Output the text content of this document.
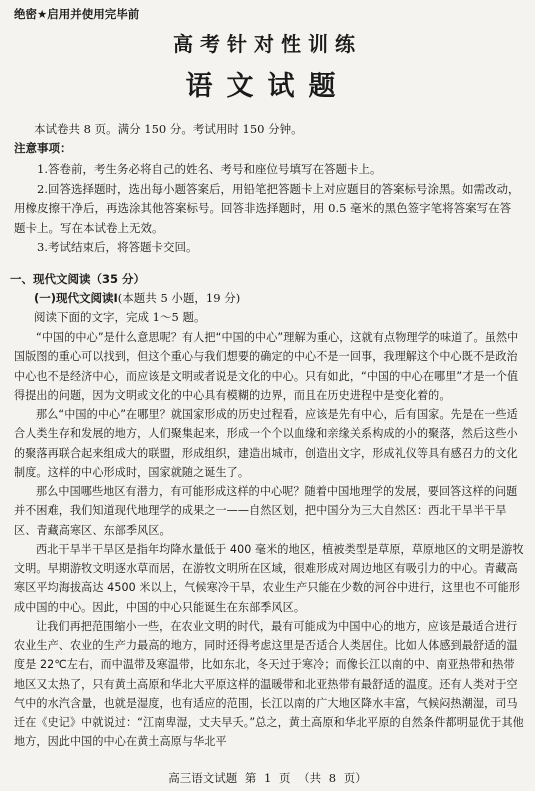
绝密★启用并使用完毕前
高考针对性训练
语文试题
本试卷共 8 页。满分 150 分。考试用时 150 分钟。
注意事项：

1.答卷前，考生务必将自己的姓名、考号和座位号填写在答题卡上。

2.回答选择题时，选出每小题答案后，用铅笔把答题卡上对应题目的答案标号涂黑。如需改动，用橡皮擦干净后，再选涂其他答案标号。回答非选择题时，用 0.5 毫米的黑色签字笔将答案写在答题卡上。写在本试卷上无效。

3.考试结束后，将答题卡交回。

一、现代文阅读（35 分）
(一)现代文阅读Ⅰ(本题共 5 小题，19 分)
阅读下面的文字，完成 1～5 题。

“中国的中心”是什么意思呢？有人把“中国的中心”理解为重心，这就有点物理学的味道了。虽然中国版图的重心可以找到，但这个重心与我们想要的确定的中心不是一回事，我理解这个中心既不是政治中心也不是经济中心，而应该是文明或者说是文化的中心。只有如此，“中国的中心在哪里”才是一个值得提出的问题，因为文明或文化的中心具有模糊的边界，而且在历史进程中是变化着的。

那么“中国的中心”在哪里？就国家形成的历史过程看，应该是先有中心，后有国家。先是在一些适合人类生存和发展的地方，人们聚集起来，形成一个个以血缘和亲缘关系构成的小的聚落，然后这些小的聚落再联合起来组成大的联盟，形成组织，建造出城市，创造出文字，形成礼仪等具有感召力的文化制度。这样的中心形成时，国家就随之诞生了。

那么中国哪些地区有潜力，有可能形成这样的中心呢？随着中国地理学的发展，要回答这样的问题并不困难，我们知道现代地理学的成果之一——自然区划，把中国分为三大自然区：西北干旱半干旱区、青藏高寒区、东部季风区。

西北干旱半干旱区是指年均降水量低于 400 毫米的地区，植被类型是草原，草原地区的文明是游牧文明。早期游牧文明逐水草而居，在游牧文明所在区域，很难形成对周边地区有吸引力的中心。青藏高寒区平均海拔高达 4500 米以上，气候寒冷干旱，农业生产只能在少数的河谷中进行，这里也不可能形成中国的中心。因此，中国的中心只能诞生在东部季风区。

让我们再把范围缩小一些，在农业文明的时代，最有可能成为中国中心的地方，应该是最适合进行农业生产、农业的生产力最高的地方，同时还得考虑这里是否适合人类居住。比如人体感到最舒适的温度是 22℃左右，而中温带及寒温带，比如东北，冬天过于寒冷；而像长江以南的中、南亚热带和热带地区又太热了，只有黄土高原和华北大平原这样的温暖带和北亚热带有最舒适的温度。还有人类对于空气中的水汽含量，也就是湿度，也有适应的范围，长江以南的广大地区降水丰富，气候闷热潮湿，司马迁在《史记》中就说过：“江南卑湿，丈夫早夭。”总之，黄土高原和华北平原的自然条件都明显优于其他地方，因此中国的中心在黄土高原与华北平

高三语文试题 第 1 页 （共 8 页）
